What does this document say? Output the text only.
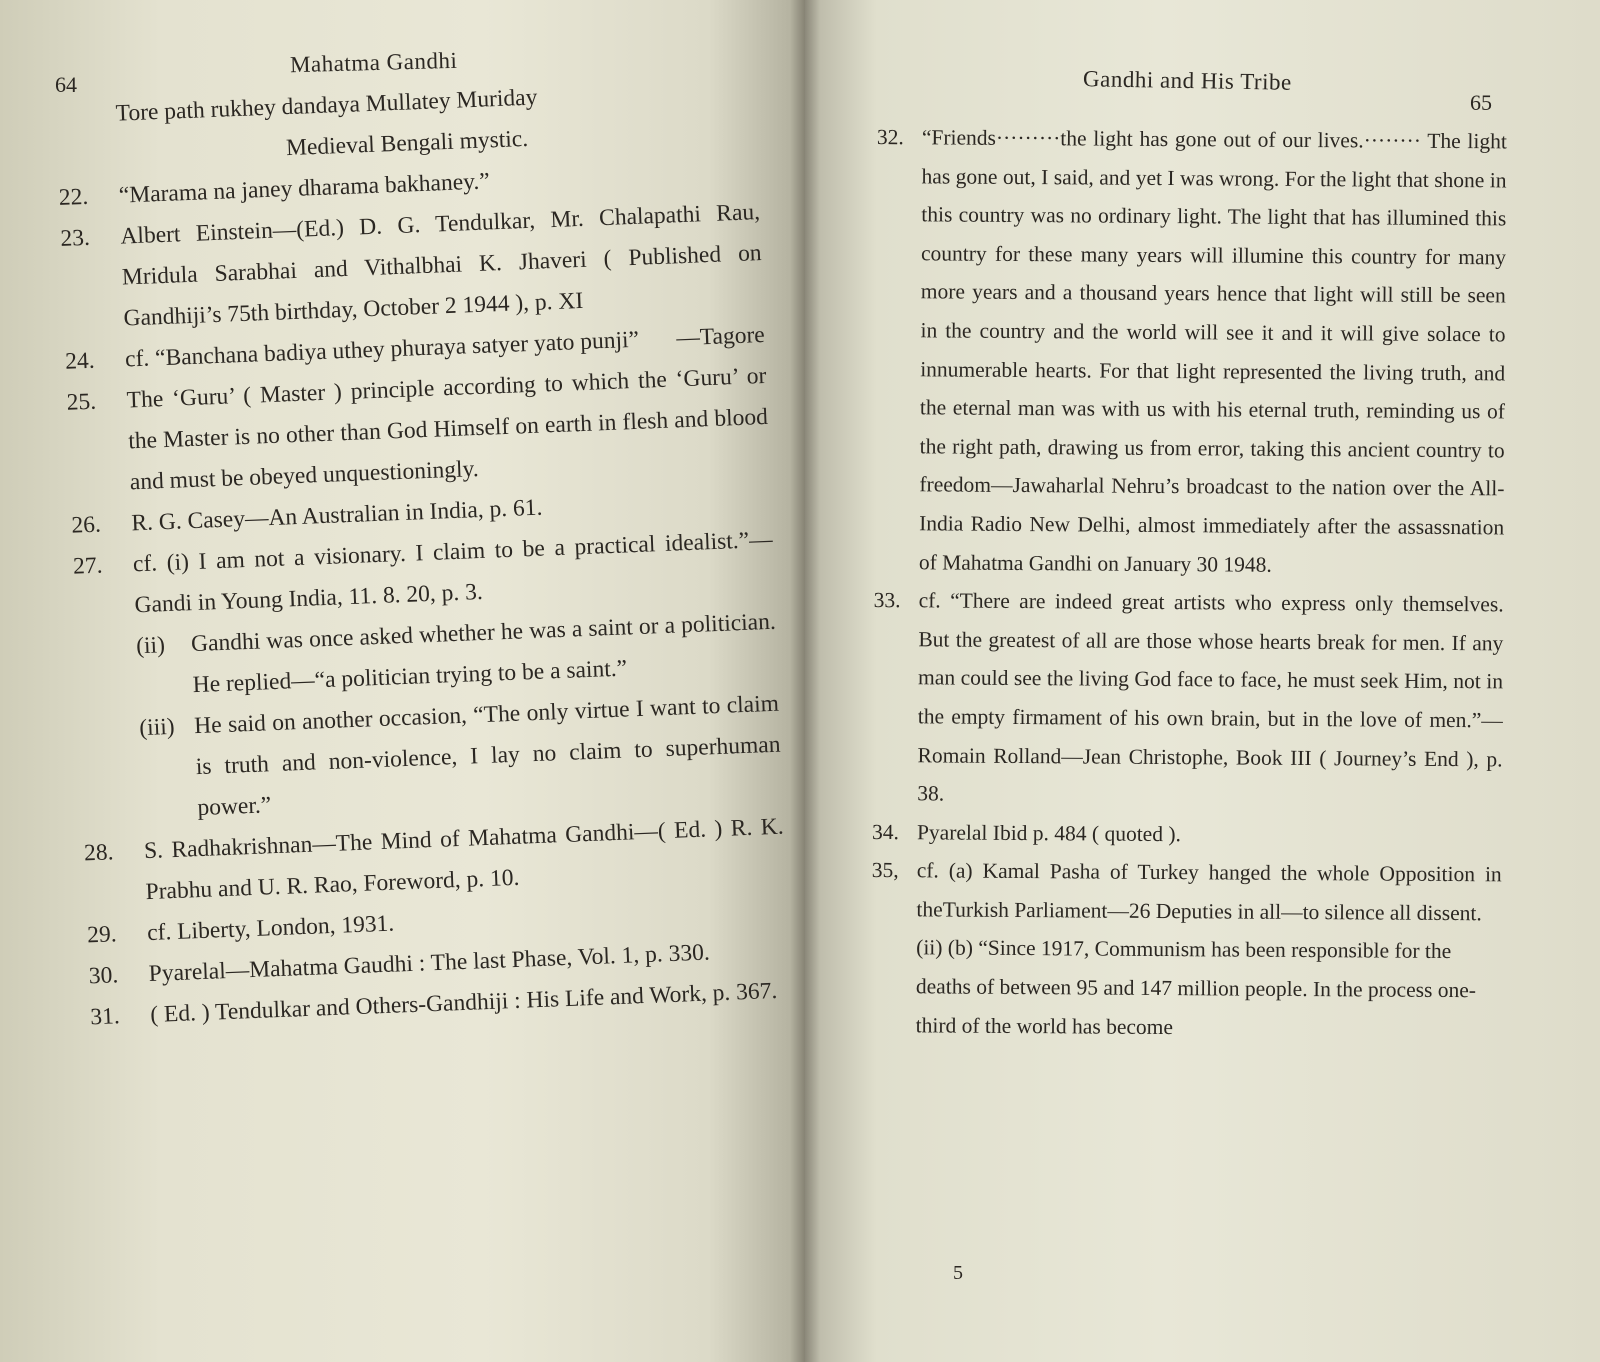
64
Mahatma Gandhi
Tore path rukhey dandaya Mullatey Muriday
Medieval Bengali mystic.
22.	“Marama na janey dharama bakhaney.”
23.	Albert Einstein—(Ed.) D. G. Tendulkar, Mr. Chalapathi Rau, Mridula Sarabhai and Vithalbhai K. Jhaveri ( Published on Gandhiji’s 75th birthday, October 2 1944 ), p. XI
24.	cf. “Banchana badiya uthey phuraya satyer yato punji” —Tagore
25.	The ‘Guru’ ( Master ) principle according to which the ‘Guru’ or the Master is no other than God Himself on earth in flesh and blood and must be obeyed unquestioningly.
26.	R. G. Casey—An Australian in India, p. 61.
27.	cf. (i) I am not a visionary. I claim to be a practical idealist.”—Gandi in Young India, 11. 8. 20, p. 3.
(ii)	Gandhi was once asked whether he was a saint or a politician. He replied—“a politician trying to be a saint.”
(iii) He said on another occasion, “The only virtue I want to claim is truth and non-violence, I lay no claim to superhuman power.”
28.	S. Radhakrishnan—The Mind of Mahatma Gandhi—( Ed. ) R. K. Prabhu and U. R. Rao, Foreword, p. 10.
29.	cf. Liberty, London, 1931.
30.	Pyarelal—Mahatma Gaudhi : The last Phase, Vol. 1, p. 330.
31.	( Ed. ) Tendulkar and Others-Gandhiji : His Life and Work, p. 367.
Gandhi and His Tribe
65
32. “Friends·········the light has gone out of our lives.········ The light has gone out, I said, and yet I was wrong. For the light that shone in this country was no ordinary light. The light that has illumined this country for these many years will illumine this country for many more years and a thousand years hence that light will still be seen in the country and the world will see it and it will give solace to innumerable hearts. For that light represented the living truth, and the eternal man was with us with his eternal truth, reminding us of the right path, drawing us from error, taking this ancient country to freedom—Jawaharlal Nehru’s broadcast to the nation over the All-India Radio New Delhi, almost immediately after the assassnation of Mahatma Gandhi on January 30 1948.
33. cf. “There are indeed great artists who express only themselves. But the greatest of all are those whose hearts break for men. If any man could see the living God face to face, he must seek Him, not in the empty firmament of his own brain, but in the love of men.”—Romain Rolland—Jean Christophe, Book III ( Journey’s End ), p. 38.
34. Pyarelal Ibid p. 484 ( quoted ).
35, cf. (a) Kamal Pasha of Turkey hanged the whole Opposition in theTurkish Parliament—26 Deputies in all—to silence all dissent.
(ii) (b) “Since 1917, Communism has been responsible for the deaths of between 95 and 147 million people. In the process one-third of the world has become
5
